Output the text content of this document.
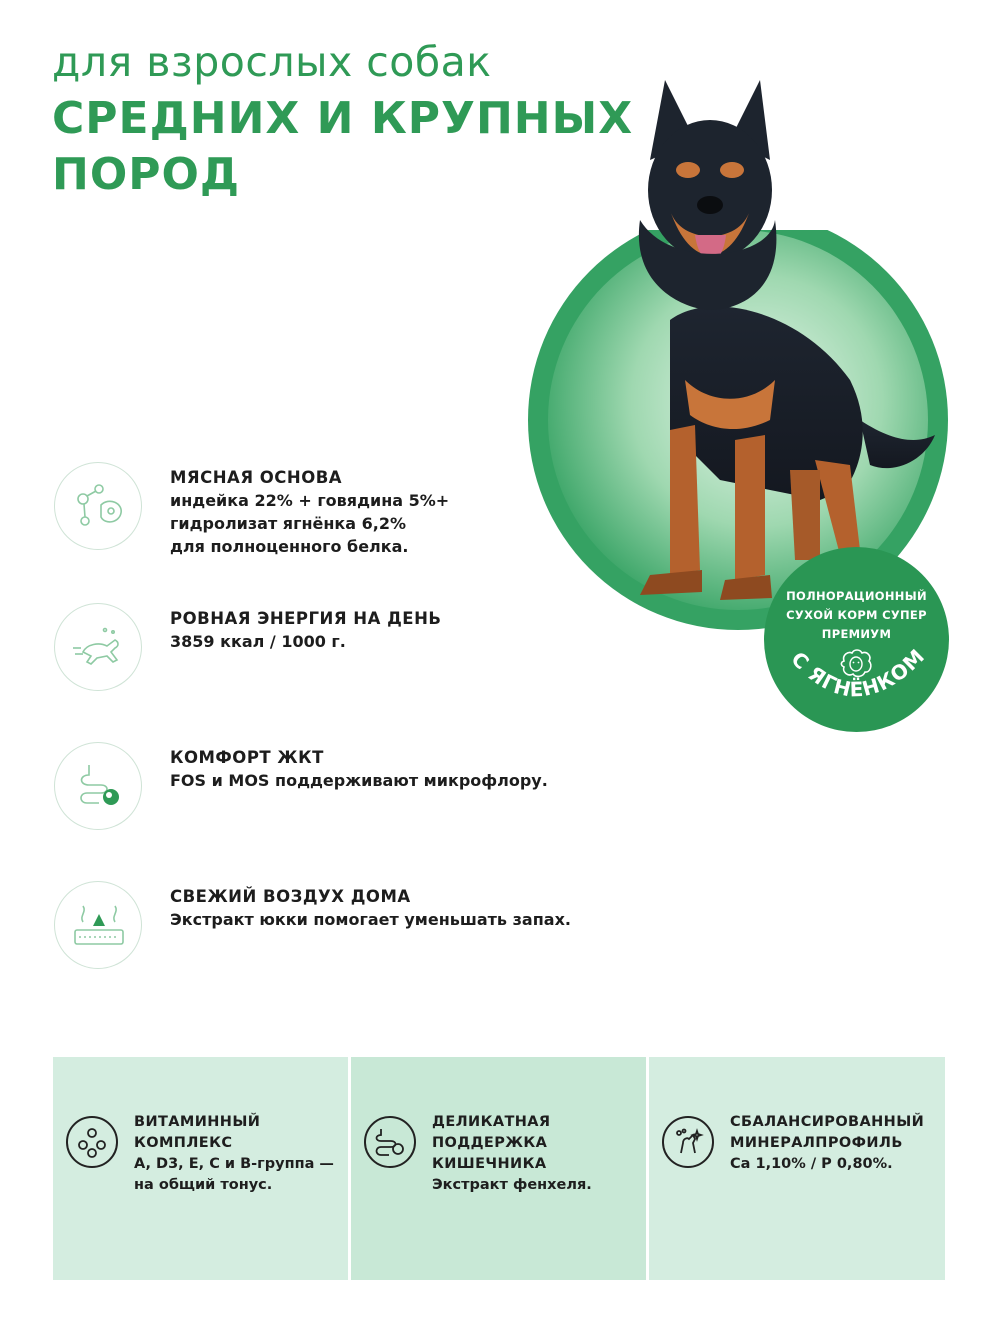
для взрослых собак
СРЕДНИХ И КРУПНЫХ
ПОРОД
ПОЛНОРАЦИОННЫЙ
СУХОЙ КОРМ СУПЕР
ПРЕМИУМ
С ЯГНЁНКОМ
МЯСНАЯ ОСНОВА
индейка 22% + говядина 5%+
гидролизат ягнёнка 6,2%
для полноценного белка.
РОВНАЯ ЭНЕРГИЯ НА ДЕНЬ
3859 ккал / 1000 г.
КОМФОРТ ЖКТ
FOS и MOS поддерживают микрофлору.
СВЕЖИЙ ВОЗДУХ ДОМА
Экстракт юкки помогает уменьшать запах.
ВИТАМИННЫЙ
КОМПЛЕКС
A, D3, E, C и B-группа —
на общий тонус.
ДЕЛИКАТНАЯ ПОДДЕРЖКА
КИШЕЧНИКА
Экстракт фенхеля.
СБАЛАНСИРОВАННЫЙ
МИНЕРАЛПРОФИЛЬ
Ca 1,10% / P 0,80%.
